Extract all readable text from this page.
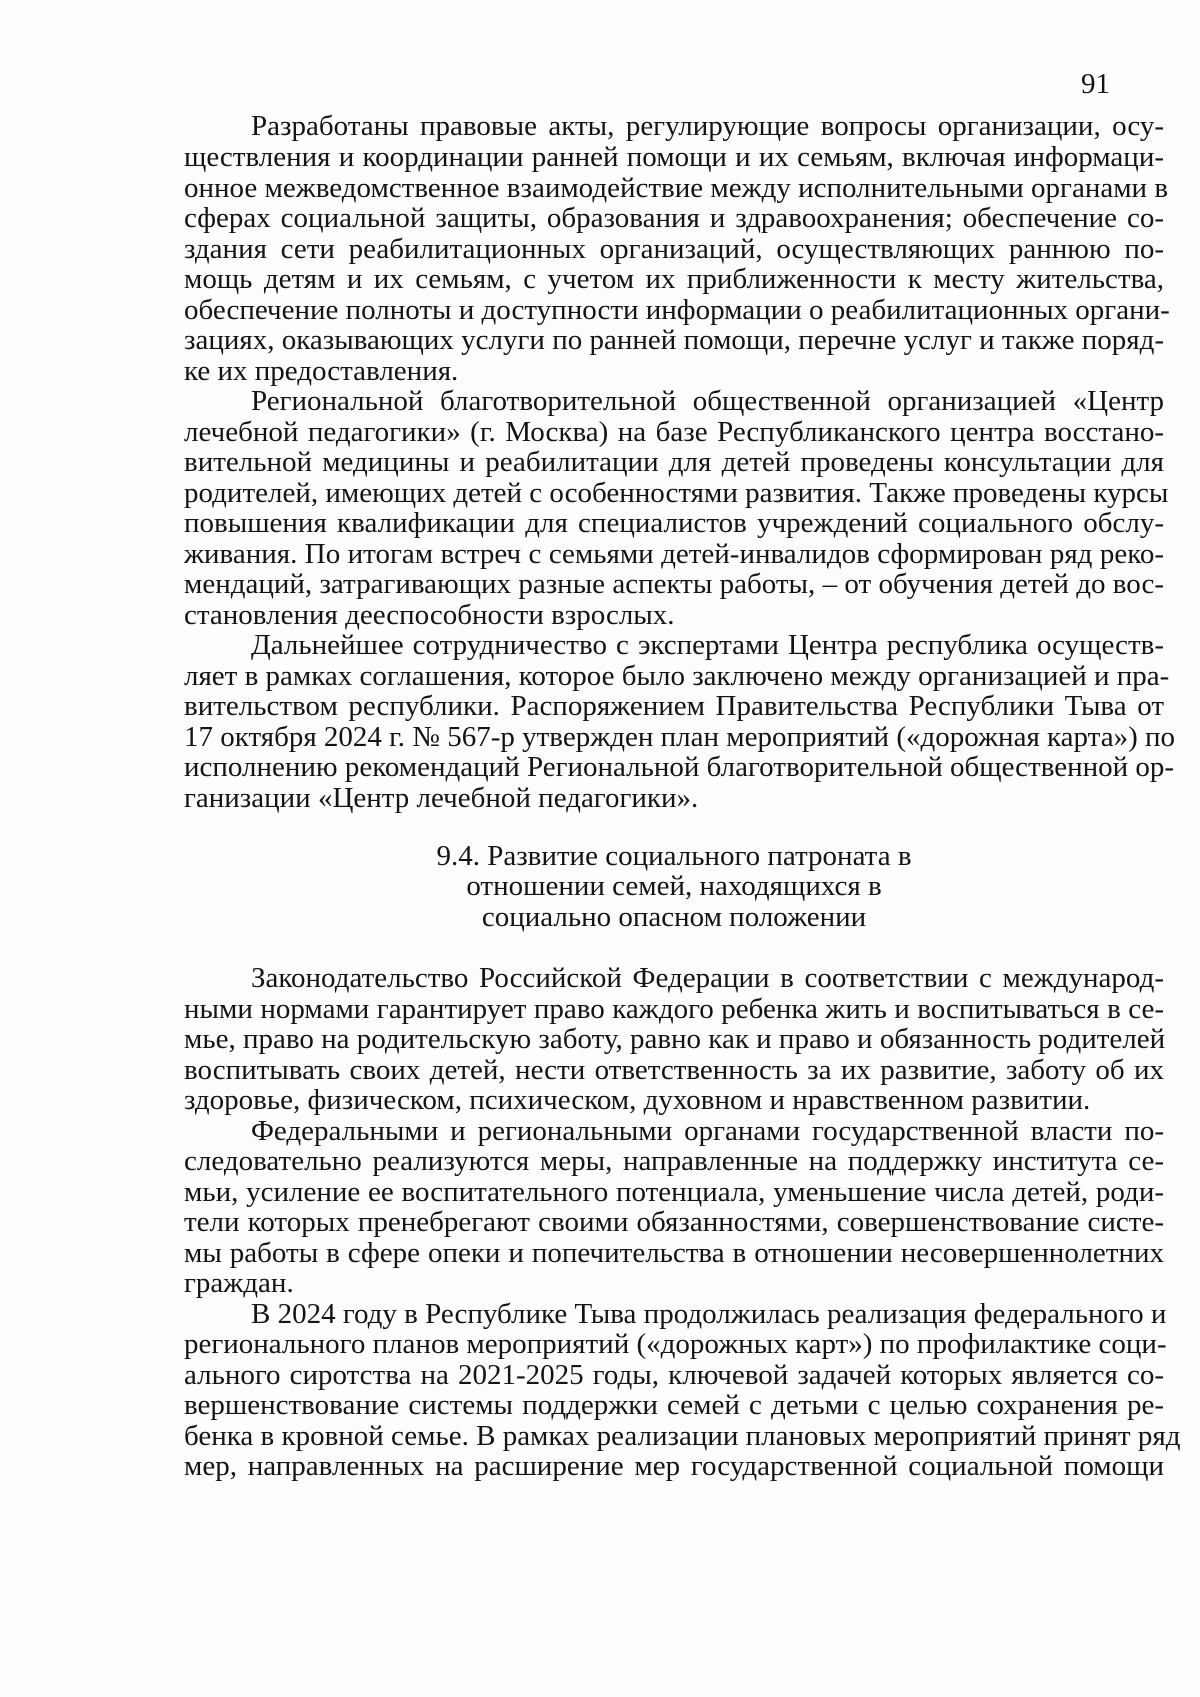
91

Разработаны правовые акты, регулирующие вопросы организации, осу-

ществления и координации ранней помощи и их семьям, включая информаци-

онное межведомственное взаимодействие между исполнительными органами в

сферах социальной защиты, образования и здравоохранения; обеспечение со-

здания сети реабилитационных организаций, осуществляющих раннюю по-

мощь детям и их семьям, с учетом их приближенности к месту жительства,

обеспечение полноты и доступности информации о реабилитационных органи-

зациях, оказывающих услуги по ранней помощи, перечне услуг и также поряд-

ке их предоставления.

Региональной благотворительной общественной организацией «Центр

лечебной педагогики» (г. Москва) на базе Республиканского центра восстано-

вительной медицины и реабилитации для детей проведены консультации для

родителей, имеющих детей с особенностями развития. Также проведены курсы

повышения квалификации для специалистов учреждений социального обслу-

живания. По итогам встреч с семьями детей-инвалидов сформирован ряд реко-

мендаций, затрагивающих разные аспекты работы, – от обучения детей до вос-

становления дееспособности взрослых.

Дальнейшее сотрудничество с экспертами Центра республика осуществ-

ляет в рамках соглашения, которое было заключено между организацией и пра-

вительством республики. Распоряжением Правительства Республики Тыва от

17 октября 2024 г. № 567-р утвержден план мероприятий («дорожная карта») по

исполнению рекомендаций Региональной благотворительной общественной ор-

ганизации «Центр лечебной педагогики».

9.4. Развитие социального патроната в
отношении семей, находящихся в
социально опасном положении

Законодательство Российской Федерации в соответствии с международ-

ными нормами гарантирует право каждого ребенка жить и воспитываться в се-

мье, право на родительскую заботу, равно как и право и обязанность родителей

воспитывать своих детей, нести ответственность за их развитие, заботу об их

здоровье, физическом, психическом, духовном и нравственном развитии.

Федеральными и региональными органами государственной власти по-

следовательно реализуются меры, направленные на поддержку института се-

мьи, усиление ее воспитательного потенциала, уменьшение числа детей, роди-

тели которых пренебрегают своими обязанностями, совершенствование систе-

мы работы в сфере опеки и попечительства в отношении несовершеннолетних

граждан.

В 2024 году в Республике Тыва продолжилась реализация федерального и

регионального планов мероприятий («дорожных карт») по профилактике соци-

ального сиротства на 2021-2025 годы, ключевой задачей которых является со-

вершенствование системы поддержки семей с детьми с целью сохранения ре-

бенка в кровной семье. В рамках реализации плановых мероприятий принят ряд

мер, направленных на расширение мер государственной социальной помощи
